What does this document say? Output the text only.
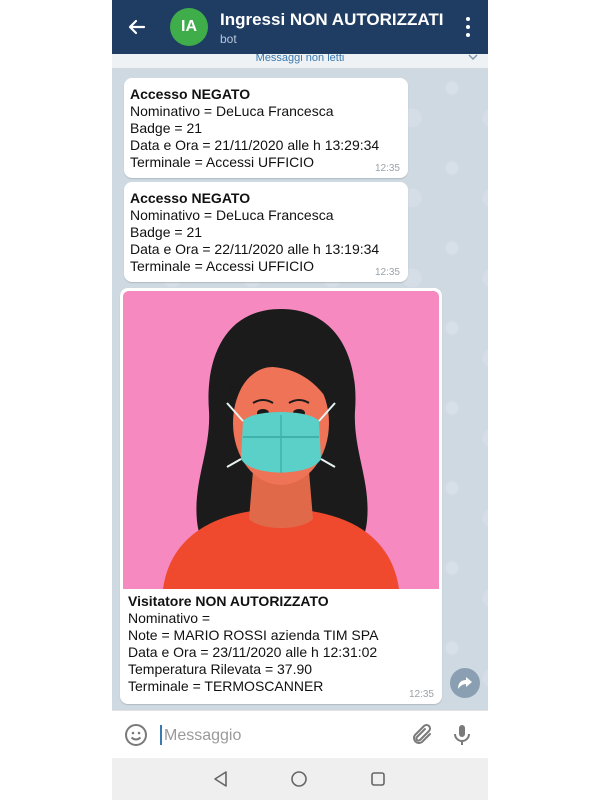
IA	Ingressi NON AUTORIZZATI
bot
Messaggi non letti
Accesso NEGATO
Nominativo = DeLuca Francesca
Badge = 21
Data e Ora = 21/11/2020 alle h 13:29:34
Terminale = Accessi UFFICIO	12:35
Accesso NEGATO
Nominativo = DeLuca Francesca
Badge = 21
Data e Ora = 22/11/2020 alle h 13:19:34
Terminale = Accessi UFFICIO	12:35
Visitatore NON AUTORIZZATO
Nominativo =
Note = MARIO ROSSI azienda TIM SPA
Data e Ora = 23/11/2020 alle h 12:31:02
Temperatura Rilevata = 37.90
Terminale = TERMOSCANNER
12:35
Messaggio
